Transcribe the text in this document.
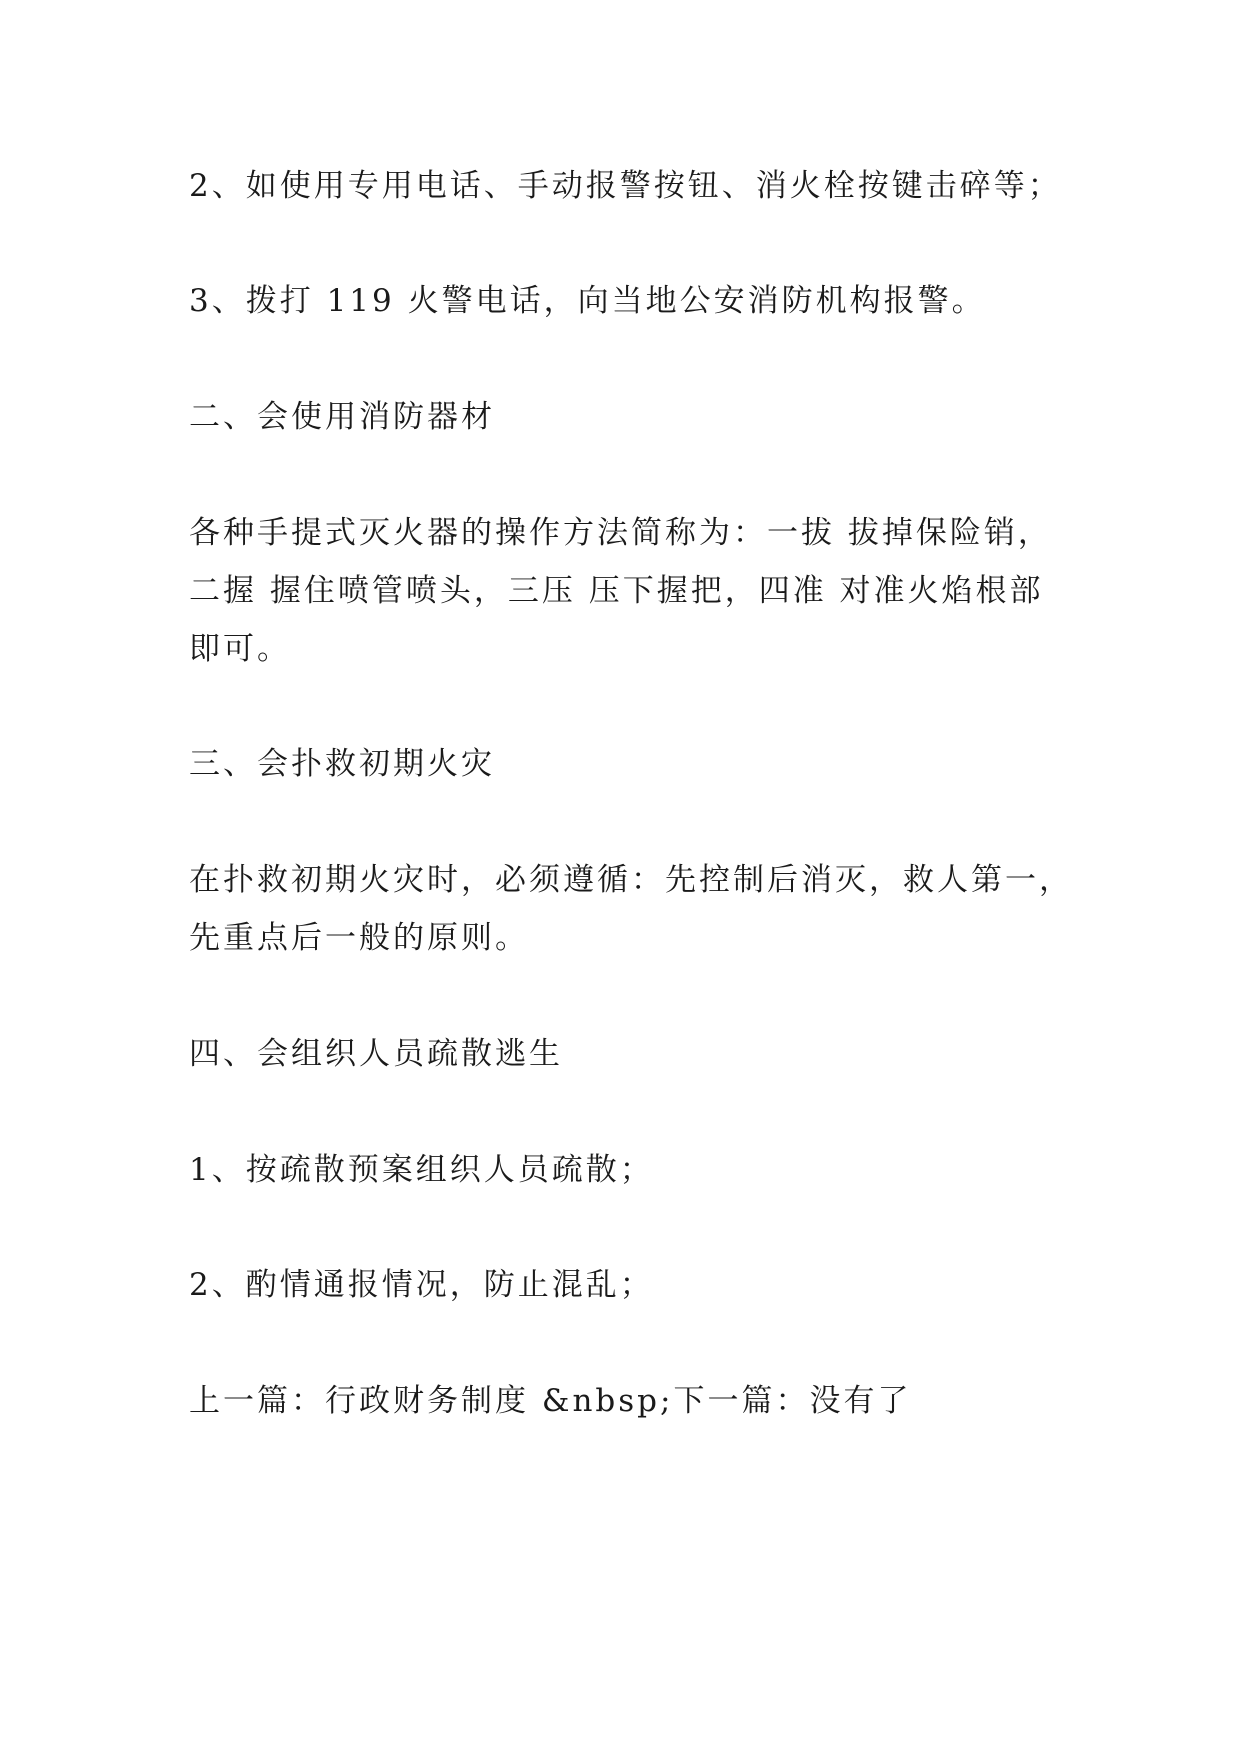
2、如使用专用电话、手动报警按钮、消火栓按键击碎等；
3、拨打 119 火警电话，向当地公安消防机构报警。
二、会使用消防器材
各种手提式灭火器的操作方法简称为：一拔 拔掉保险销，
二握 握住喷管喷头，三压 压下握把，四准 对准火焰根部
即可。
三、会扑救初期火灾
在扑救初期火灾时，必须遵循：先控制后消灭，救人第一，
先重点后一般的原则。
四、会组织人员疏散逃生
1、按疏散预案组织人员疏散；
2、酌情通报情况，防止混乱；
上一篇：行政财务制度 &nbsp;下一篇：没有了
